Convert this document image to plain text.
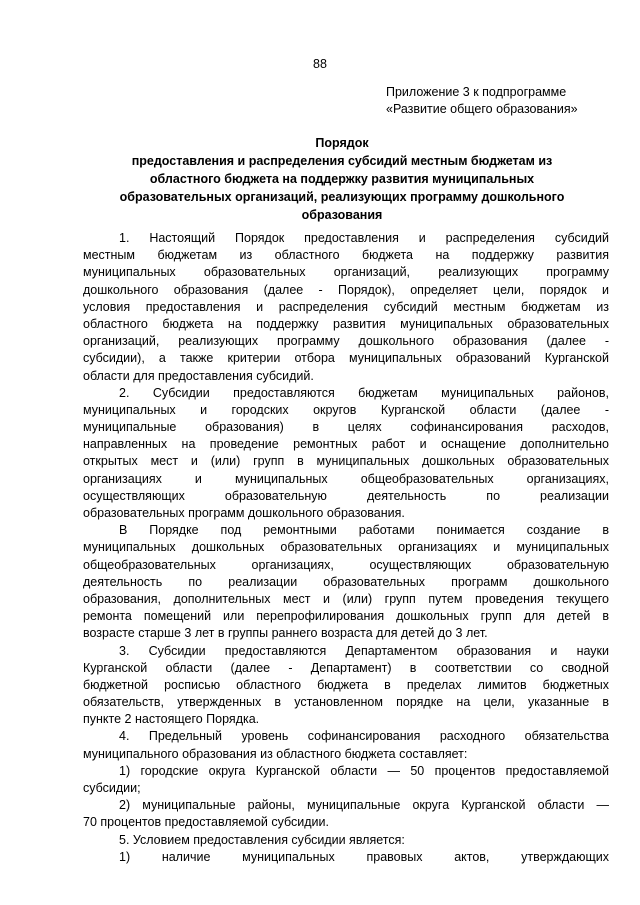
88
Приложение 3 к подпрограмме
«Развитие общего образования»
Порядок
предоставления и распределения субсидий местным бюджетам из
областного бюджета на поддержку развития муниципальных
образовательных организаций, реализующих программу дошкольного
образования
1. Настоящий Порядок предоставления и распределения субсидий
местным бюджетам из областного бюджета на поддержку развития
муниципальных образовательных организаций, реализующих программу
дошкольного образования (далее - Порядок), определяет цели, порядок и
условия предоставления и распределения субсидий местным бюджетам из
областного бюджета на поддержку развития муниципальных образовательных
организаций, реализующих программу дошкольного образования (далее -
субсидии), а также критерии отбора муниципальных образований Курганской
области для предоставления субсидий.
2. Субсидии предоставляются бюджетам муниципальных районов,
муниципальных и городских округов Курганской области (далее -
муниципальные образования) в целях софинансирования расходов,
направленных на проведение ремонтных работ и оснащение дополнительно
открытых мест и (или) групп в муниципальных дошкольных образовательных
организациях и муниципальных общеобразовательных организациях,
осуществляющих образовательную деятельность по реализации
образовательных программ дошкольного образования.
В Порядке под ремонтными работами понимается создание в
муниципальных дошкольных образовательных организациях и муниципальных
общеобразовательных организациях, осуществляющих образовательную
деятельность по реализации образовательных программ дошкольного
образования, дополнительных мест и (или) групп путем проведения текущего
ремонта помещений или перепрофилирования дошкольных групп для детей в
возрасте старше 3 лет в группы раннего возраста для детей до 3 лет.
3. Субсидии предоставляются Департаментом образования и науки
Курганской области (далее - Департамент) в соответствии со сводной
бюджетной росписью областного бюджета в пределах лимитов бюджетных
обязательств, утвержденных в установленном порядке на цели, указанные в
пункте 2 настоящего Порядка.
4. Предельный уровень софинансирования расходного обязательства
муниципального образования из областного бюджета составляет:
1) городские округа Курганской области — 50 процентов предоставляемой
субсидии;
2) муниципальные районы, муниципальные округа Курганской области —
70 процентов предоставляемой субсидии.
5. Условием предоставления субсидии является:
1) наличие муниципальных правовых актов, утверждающих
